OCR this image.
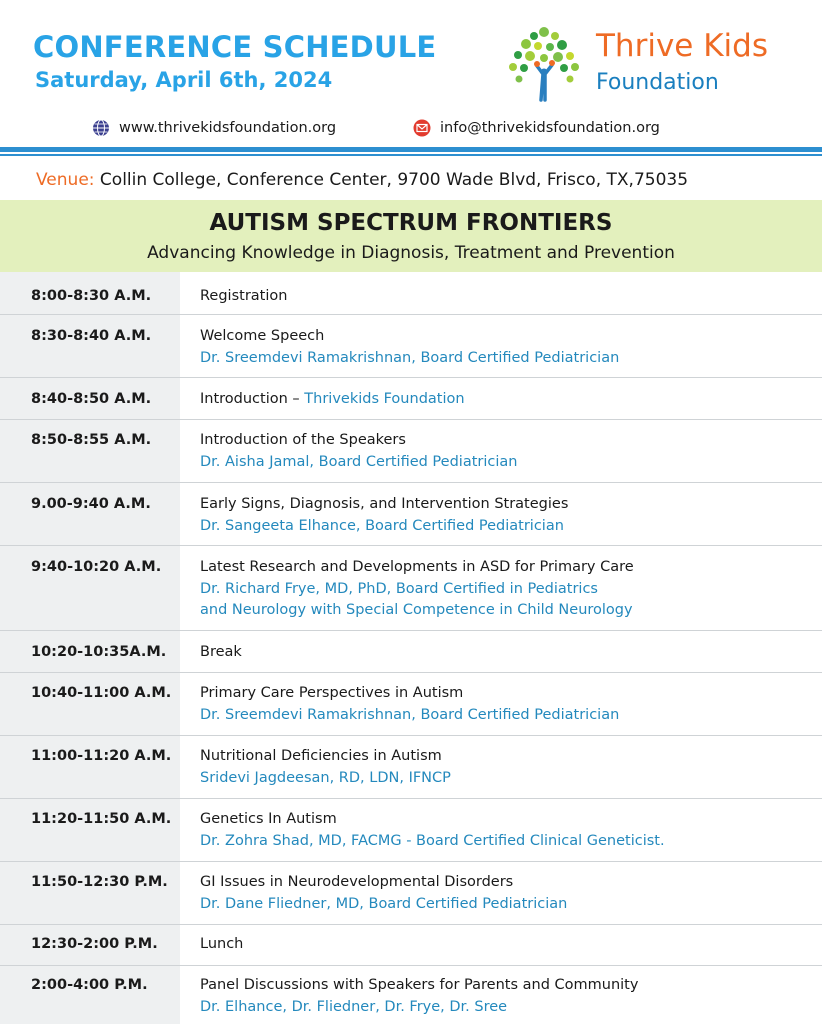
CONFERENCE SCHEDULE
Saturday, April 6th, 2024
Thrive Kids
Foundation
www.thrivekidsfoundation.org	info@thrivekidsfoundation.org
Venue: Collin College, Conference Center, 9700 Wade Blvd, Frisco, TX,75035
AUTISM SPECTRUM FRONTIERS
Advancing Knowledge in Diagnosis, Treatment and Prevention
8:00-8:30 A.M.	Registration
8:30-8:40 A.M.	Welcome Speech
Dr. Sreemdevi Ramakrishnan, Board Certified Pediatrician
8:40-8:50 A.M.	Introduction – Thrivekids Foundation
8:50-8:55 A.M.	Introduction of the Speakers
Dr. Aisha Jamal, Board Certified Pediatrician
9.00-9:40 A.M.	Early Signs, Diagnosis, and Intervention Strategies
Dr. Sangeeta Elhance, Board Certified Pediatrician
9:40-10:20 A.M.	Latest Research and Developments in ASD for Primary Care
Dr. Richard Frye, MD, PhD, Board Certified in Pediatrics
and Neurology with Special Competence in Child Neurology
10:20-10:35A.M. Break
10:40-11:00 A.M. Primary Care Perspectives in Autism
Dr. Sreemdevi Ramakrishnan, Board Certified Pediatrician
11:00-11:20 A.M. Nutritional Deficiencies in Autism
Sridevi Jagdeesan, RD, LDN, IFNCP
11:20-11:50 A.M. Genetics In Autism
Dr. Zohra Shad, MD, FACMG - Board Certified Clinical Geneticist.
11:50-12:30 P.M. GI Issues in Neurodevelopmental Disorders
Dr. Dane Fliedner, MD, Board Certified Pediatrician
12:30-2:00 P.M.	Lunch
2:00-4:00 P.M.	Panel Discussions with Speakers for Parents and Community
Dr. Elhance, Dr. Fliedner, Dr. Frye, Dr. Sree
